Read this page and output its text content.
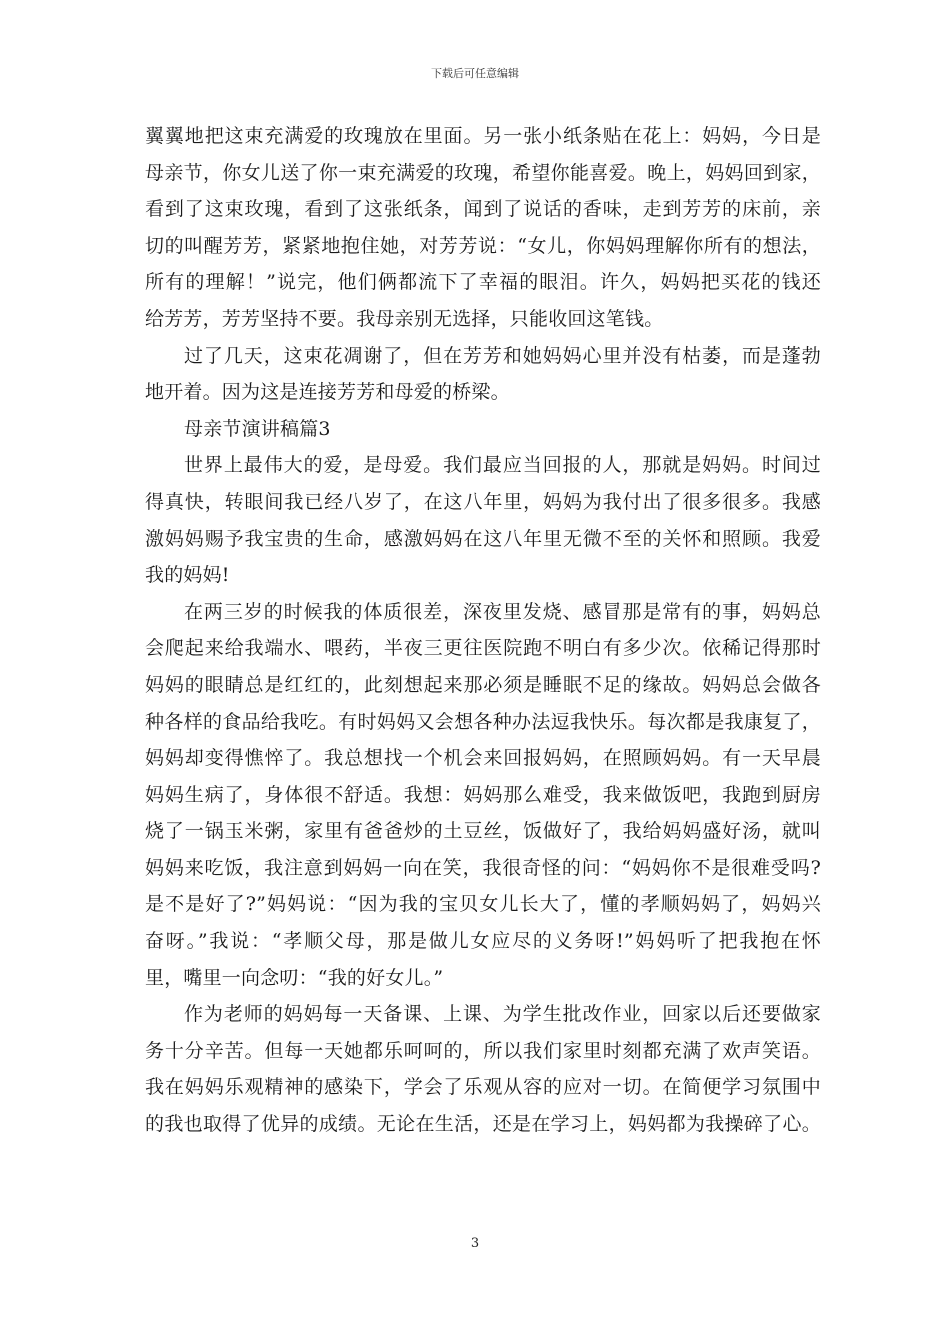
下载后可任意编辑
翼翼地把这束充满爱的玫瑰放在里面。另一张小纸条贴在花上：妈妈，今日是
母亲节，你女儿送了你一束充满爱的玫瑰，希望你能喜爱。晚上，妈妈回到家，
看到了这束玫瑰，看到了这张纸条，闻到了说话的香味，走到芳芳的床前，亲
切的叫醒芳芳，紧紧地抱住她，对芳芳说：“女儿，你妈妈理解你所有的想法，
所有的理解！”说完，他们俩都流下了幸福的眼泪。许久，妈妈把买花的钱还
给芳芳，芳芳坚持不要。我母亲别无选择，只能收回这笔钱。
过了几天，这束花凋谢了，但在芳芳和她妈妈心里并没有枯萎，而是蓬勃
地开着。因为这是连接芳芳和母爱的桥梁。
母亲节演讲稿篇3
世界上最伟大的爱，是母爱。我们最应当回报的人，那就是妈妈。时间过
得真快，转眼间我已经八岁了，在这八年里，妈妈为我付出了很多很多。我感
激妈妈赐予我宝贵的生命，感激妈妈在这八年里无微不至的关怀和照顾。我爱
我的妈妈!
在两三岁的时候我的体质很差，深夜里发烧、感冒那是常有的事，妈妈总
会爬起来给我端水、喂药，半夜三更往医院跑不明白有多少次。依稀记得那时
妈妈的眼睛总是红红的，此刻想起来那必须是睡眠不足的缘故。妈妈总会做各
种各样的食品给我吃。有时妈妈又会想各种办法逗我快乐。每次都是我康复了，
妈妈却变得憔悴了。我总想找一个机会来回报妈妈，在照顾妈妈。有一天早晨
妈妈生病了，身体很不舒适。我想：妈妈那么难受，我来做饭吧，我跑到厨房
烧了一锅玉米粥，家里有爸爸炒的土豆丝，饭做好了，我给妈妈盛好汤，就叫
妈妈来吃饭，我注意到妈妈一向在笑，我很奇怪的问：“妈妈你不是很难受吗?
是不是好了?”妈妈说：“因为我的宝贝女儿长大了，懂的孝顺妈妈了，妈妈兴
奋呀。”我说：“孝顺父母，那是做儿女应尽的义务呀!”妈妈听了把我抱在怀
里，嘴里一向念叨：“我的好女儿。”
作为老师的妈妈每一天备课、上课、为学生批改作业，回家以后还要做家
务十分辛苦。但每一天她都乐呵呵的，所以我们家里时刻都充满了欢声笑语。
我在妈妈乐观精神的感染下，学会了乐观从容的应对一切。在简便学习氛围中
的我也取得了优异的成绩。无论在生活，还是在学习上，妈妈都为我操碎了心。
3
